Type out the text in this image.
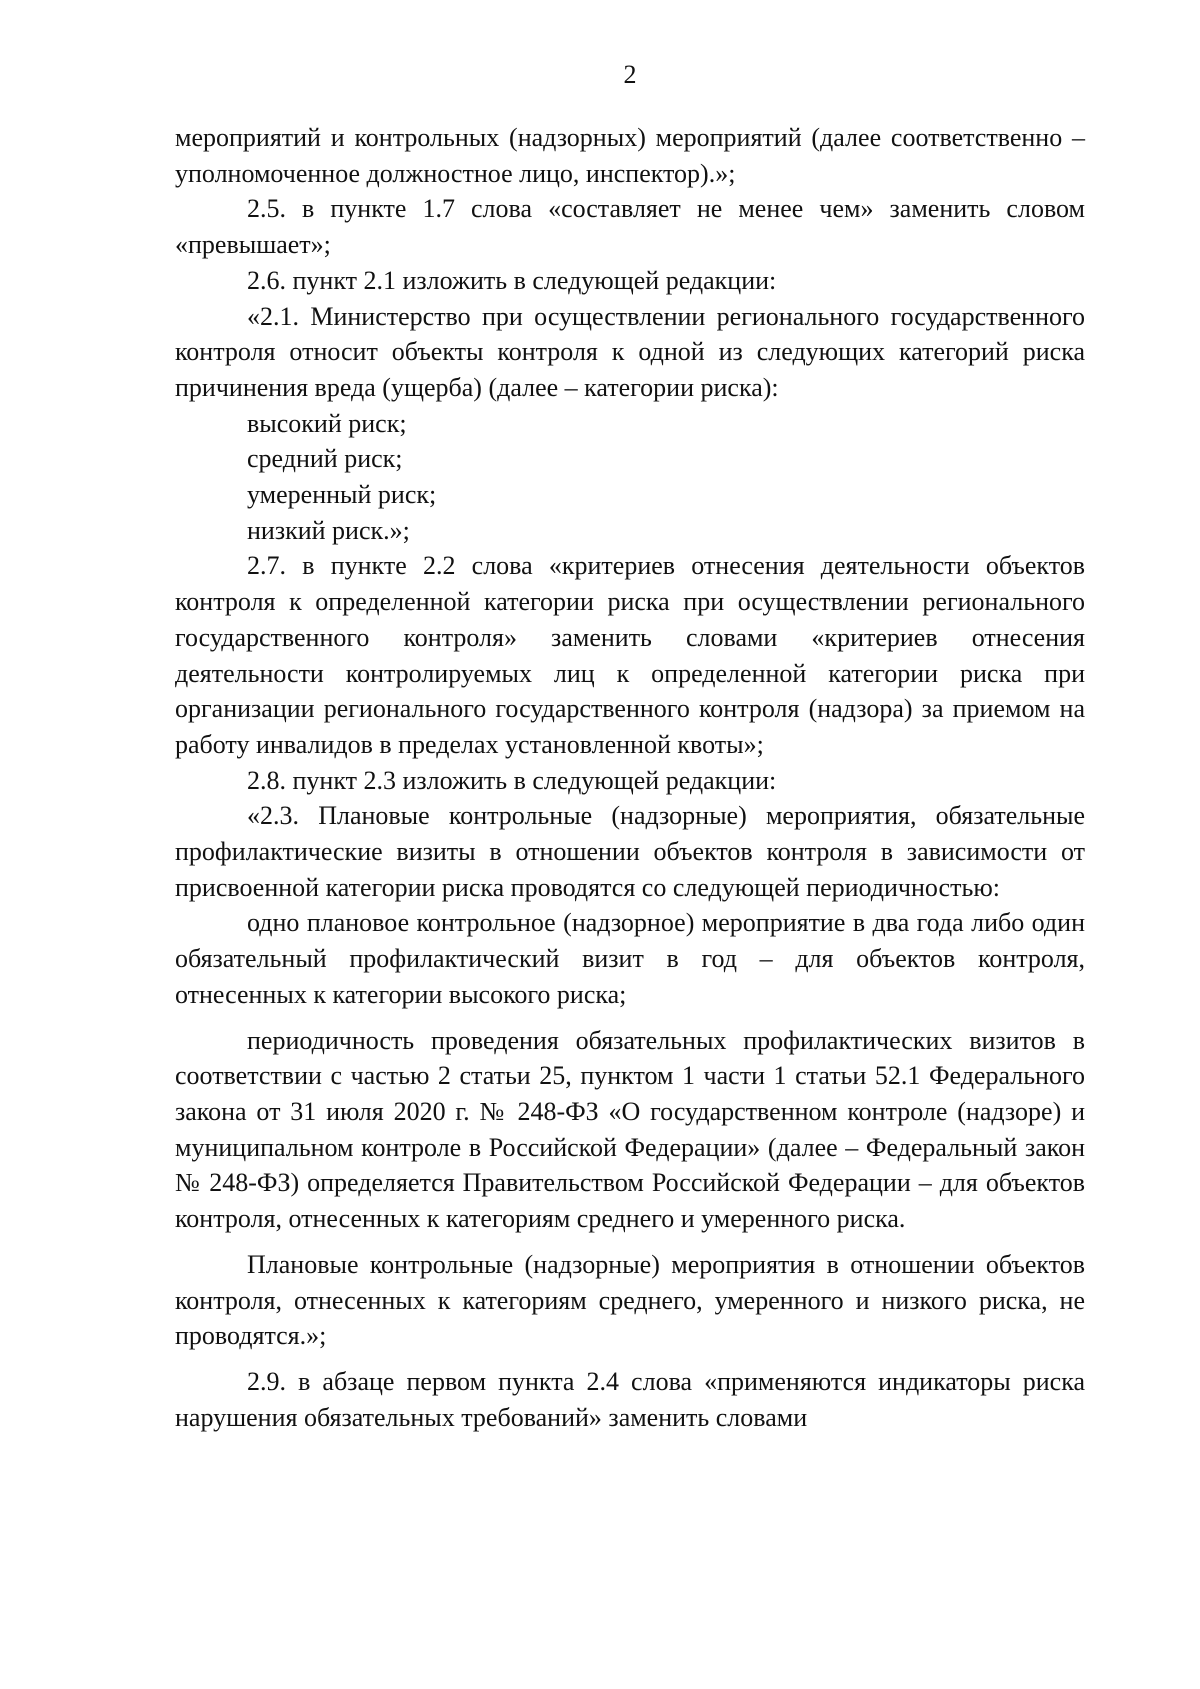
2

мероприятий и контрольных (надзорных) мероприятий (далее соответственно – уполномоченное должностное лицо, инспектор).»;

2.5. в пункте 1.7 слова «составляет не менее чем» заменить словом «превышает»;

2.6. пункт 2.1 изложить в следующей редакции:

«2.1. Министерство при осуществлении регионального государственного контроля относит объекты контроля к одной из следующих категорий риска причинения вреда (ущерба) (далее – категории риска):

высокий риск;

средний риск;

умеренный риск;

низкий риск.»;

2.7. в пункте 2.2 слова «критериев отнесения деятельности объектов контроля к определенной категории риска при осуществлении регионального государственного контроля» заменить словами «критериев отнесения деятельности контролируемых лиц к определенной категории риска при организации регионального государственного контроля (надзора) за приемом на работу инвалидов в пределах установленной квоты»;

2.8. пункт 2.3 изложить в следующей редакции:

«2.3. Плановые контрольные (надзорные) мероприятия, обязательные профилактические визиты в отношении объектов контроля в зависимости от присвоенной категории риска проводятся со следующей периодичностью:

одно плановое контрольное (надзорное) мероприятие в два года либо один обязательный профилактический визит в год – для объектов контроля, отнесенных к категории высокого риска;

периодичность проведения обязательных профилактических визитов в соответствии с частью 2 статьи 25, пунктом 1 части 1 статьи 52.1 Федерального закона от 31 июля 2020 г. № 248-ФЗ «О государственном контроле (надзоре) и муниципальном контроле в Российской Федерации» (далее – Федеральный закон № 248-ФЗ) определяется Правительством Российской Федерации – для объектов контроля, отнесенных к категориям среднего и умеренного риска.

Плановые контрольные (надзорные) мероприятия в отношении объектов контроля, отнесенных к категориям среднего, умеренного и низкого риска, не проводятся.»;

2.9. в абзаце первом пункта 2.4 слова «применяются индикаторы риска нарушения обязательных требований» заменить словами
